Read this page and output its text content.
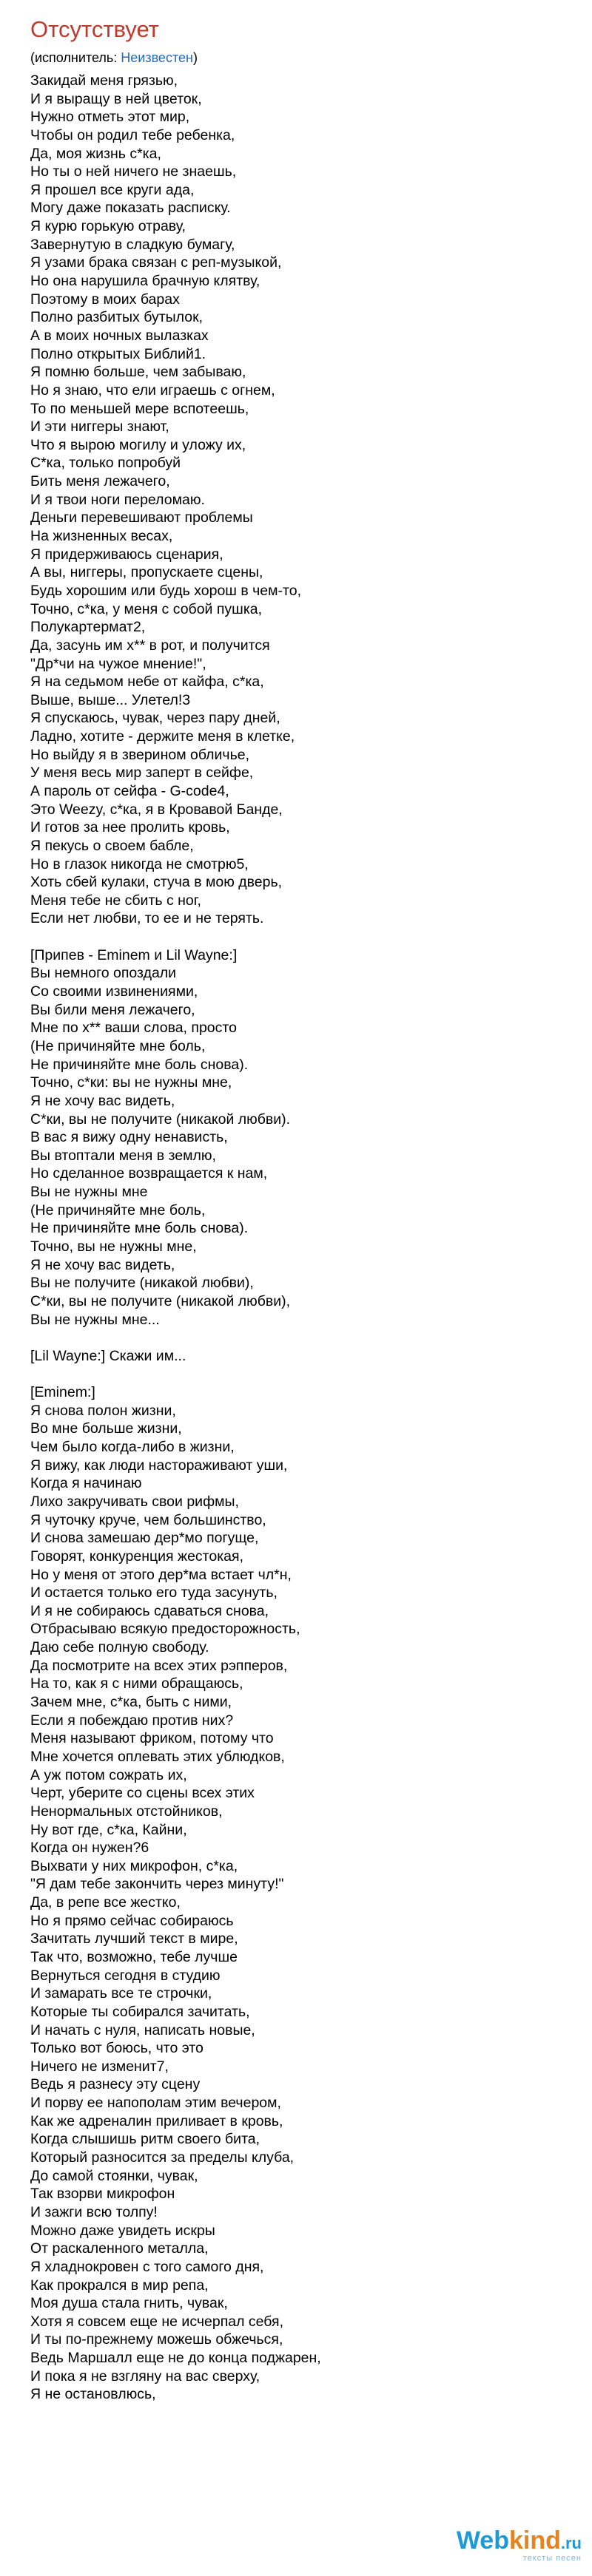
Отсутствует
(исполнитель: Неизвестен)
Закидай меня грязью,
И я выращу в ней цветок,
Нужно отметь этот мир,
Чтобы он родил тебе ребенка,
Да, моя жизнь с*ка,
Но ты о ней ничего не знаешь,
Я прошел все круги ада,
Могу даже показать расписку.
Я курю горькую отраву,
Завернутую в сладкую бумагу,
Я узами брака связан с реп-музыкой,
Но она нарушила брачную клятву,
Поэтому в моих барах
Полно разбитых бутылок,
А в моих ночных вылазках
Полно открытых Библий1.
Я помню больше, чем забываю,
Но я знаю, что ели играешь с огнем,
То по меньшей мере вспотеешь,
И эти ниггеры знают,
Что я вырою могилу и уложу их,
С*ка, только попробуй
Бить меня лежачего,
И я твои ноги переломаю.
Деньги перевешивают проблемы
На жизненных весах,
Я придерживаюсь сценария,
А вы, ниггеры, пропускаете сцены,
Будь хорошим или будь хорош в чем-то,
Точно, с*ка, у меня с собой пушка,
Полукартермат2,
Да, засунь им х** в рот, и получится
"Др*чи на чужое мнение!",
Я на седьмом небе от кайфа, с*ка,
Выше, выше... Улетел!3
Я спускаюсь, чувак, через пару дней,
Ладно, хотите - держите меня в клетке,
Но выйду я в зверином обличье,
У меня весь мир заперт в сейфе,
А пароль от сейфа - G-code4,
Это Weezy, с*ка, я в Кровавой Банде,
И готов за нее пролить кровь,
Я пекусь о своем бабле,
Но в глазок никогда не смотрю5,
Хоть сбей кулаки, стуча в мою дверь,
Меня тебе не сбить с ног,
Если нет любви, то ее и не терять.
[Припев - Eminem и Lil Wayne:]
Вы немного опоздали
Со своими извинениями,
Вы били меня лежачего,
Мне по х** ваши слова, просто
(Не причиняйте мне боль,
Не причиняйте мне боль снова).
Точно, с*ки: вы не нужны мне,
Я не хочу вас видеть,
С*ки, вы не получите (никакой любви).
В вас я вижу одну ненависть,
Вы втоптали меня в землю,
Но сделанное возвращается к нам,
Вы не нужны мне
(Не причиняйте мне боль,
Не причиняйте мне боль снова).
Точно, вы не нужны мне,
Я не хочу вас видеть,
Вы не получите (никакой любви),
С*ки, вы не получите (никакой любви),
Вы не нужны мне...
[Lil Wayne:] Скажи им...
[Eminem:]
Я снова полон жизни,
Во мне больше жизни,
Чем было когда-либо в жизни,
Я вижу, как люди настораживают уши,
Когда я начинаю
Лихо закручивать свои рифмы,
Я чуточку круче, чем большинство,
И снова замешаю дер*мо погуще,
Говорят, конкуренция жестокая,
Но у меня от этого дер*ма встает чл*н,
И остается только его туда засунуть,
И я не собираюсь сдаваться снова,
Отбрасываю всякую предосторожность,
Даю себе полную свободу.
Да посмотрите на всех этих рэпперов,
На то, как я с ними обращаюсь,
Зачем мне, с*ка, быть с ними,
Если я побеждаю против них?
Меня называют фриком, потому что
Мне хочется оплевать этих ублюдков,
А уж потом сожрать их,
Черт, уберите со сцены всех этих
Ненормальных отстойников,
Ну вот где, с*ка, Кайни,
Когда он нужен?6
Выхвати у них микрофон, с*ка,
"Я дам тебе закончить через минуту!"
Да, в репе все жестко,
Но я прямо сейчас собираюсь
Зачитать лучший текст в мире,
Так что, возможно, тебе лучше
Вернуться сегодня в студию
И замарать все те строчки,
Которые ты собирался зачитать,
И начать с нуля, написать новые,
Только вот боюсь, что это
Ничего не изменит7,
Ведь я разнесу эту сцену
И порву ее напополам этим вечером,
Как же адреналин приливает в кровь,
Когда слышишь ритм своего бита,
Который разносится за пределы клуба,
До самой стоянки, чувак,
Так взорви микрофон
И зажги всю толпу!
Можно даже увидеть искры
От раскаленного металла,
Я хладнокровен с того самого дня,
Как прокрался в мир репа,
Моя душа стала гнить, чувак,
Хотя я совсем еще не исчерпал себя,
И ты по-прежнему можешь обжечься,
Ведь Маршалл еще не до конца поджарен,
И пока я не взгляну на вас сверху,
Я не остановлюсь,
Webkind.ru
тексты песен
